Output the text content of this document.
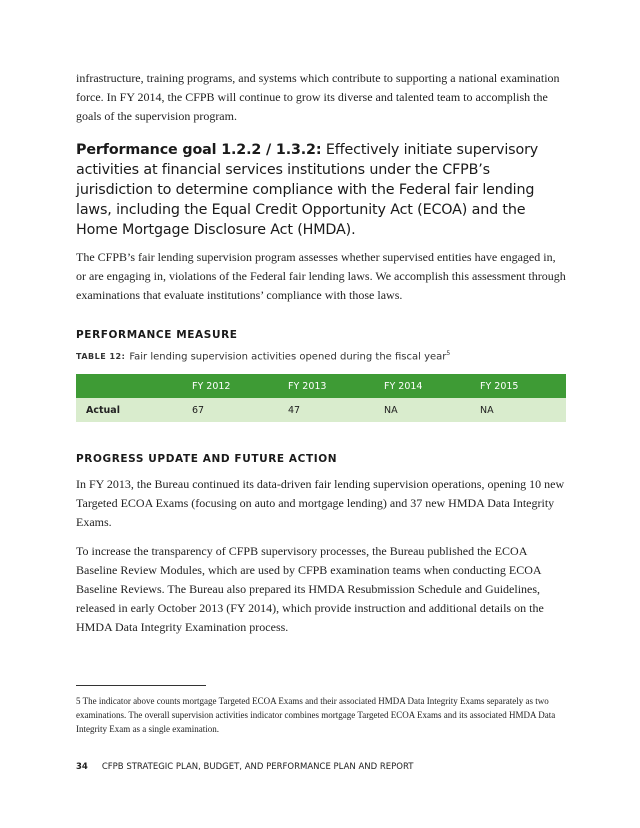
infrastructure, training programs, and systems which contribute to supporting a national examination force. In FY 2014, the CFPB will continue to grow its diverse and talented team to accomplish the goals of the supervision program.

Performance goal 1.2.2 / 1.3.2: Effectively initiate supervisory activities at financial services institutions under the CFPB’s jurisdiction to determine compliance with the Federal fair lending laws, including the Equal Credit Opportunity Act (ECOA) and the Home Mortgage Disclosure Act (HMDA).

The CFPB’s fair lending supervision program assesses whether supervised entities have engaged in, or are engaging in, violations of the Federal fair lending laws. We accomplish this assessment through examinations that evaluate institutions’ compliance with those laws.

PERFORMANCE MEASURE

TABLE 12: Fair lending supervision activities opened during the fiscal year$^5$

	FY 2012	FY 2013	FY 2014	FY 2015
Actual	67	47	NA	NA

PROGRESS UPDATE AND FUTURE ACTION

In FY 2013, the Bureau continued its data-driven fair lending supervision operations, opening 10 new Targeted ECOA Exams (focusing on auto and mortgage lending) and 37 new HMDA Data Integrity Exams.

To increase the transparency of CFPB supervisory processes, the Bureau published the ECOA Baseline Review Modules, which are used by CFPB examination teams when conducting ECOA Baseline Reviews. The Bureau also prepared its HMDA Resubmission Schedule and Guidelines, released in early October 2013 (FY 2014), which provide instruction and additional details on the HMDA Data Integrity Examination process.

5 The indicator above counts mortgage Targeted ECOA Exams and their associated HMDA Data Integrity Exams separately as two examinations. The overall supervision activities indicator combines mortgage Targeted ECOA Exams and its associated HMDA Data Integrity Exam as a single examination.

34 CFPB STRATEGIC PLAN, BUDGET, AND PERFORMANCE PLAN AND REPORT
